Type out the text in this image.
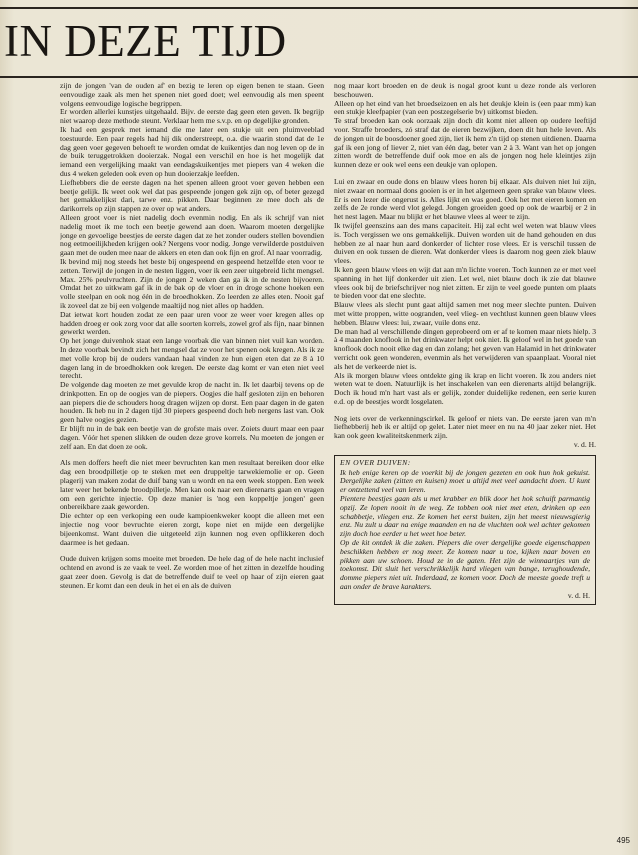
IN DEZE TIJD

zijn de jongen 'van de ouden af' en bezig te leren op eigen benen te staan. Geen eenvoudige zaak als men het spenen niet goed doet; wel eenvoudig als men speent volgens eenvoudige logische begrippen.

Er worden allerlei kunstjes uitgehaald. Bijv. de eerste dag geen eten geven. Ik begrijp niet waarop deze methode steunt. Verklaar hem me s.v.p. en op degelijke gronden.

Ik had een gesprek met iemand die me later een stukje uit een pluimveeblad toestuurde. Een paar regels had hij dik onderstreept, o.a. die waarin stond dat de 1e dag geen voer gegeven behoeft te worden omdat de kuikentjes dan nog leven op de in de buik teruggetrokken dooierzak. Nogal een verschil en hoe is het mogelijk dat iemand een vergelijking maakt van eendagskuikentjes met piepers van 4 weken die dus 4 weken geleden ook even op hun dooierzakje leefden.

Liefhebbers die de eerste dagen na het spenen alleen groot voer geven hebben een beetje gelijk. Ik weet ook wel dat pas gespeende jongen gek zijn op, of beter gezegd het gemakkelijkst dari, tarwe enz. pikken. Daar beginnen ze mee doch als de darikorrels op zijn stappen ze over op wat anders.

Alleen groot voer is niet nadelig doch evenmin nodig. En als ik schrijf van niet nadelig moet ik me toch een beetje gewend aan doen. Waarom moeten dergelijke jonge en gevoelige beestjes de eerste dagen dat ze het zonder ouders stellen bovendien nog eetmoeilijkheden krijgen ook? Nergens voor nodig. Jonge verwilderde postduiven gaan met de ouden mee naar de akkers en eten dan ook fijn en grof. Al naar voorradig.

Ik bevind mij nog steeds het beste bij ongespeend en gespeend hetzelfde eten voor te zetten. Terwijl de jongen in de nesten liggen, voer ik een zeer uitgebreid licht mengsel. Max. 25% peulvruchten. Zijn de jongen 2 weken dan ga ik in de nesten bijvoeren. Omdat het zo uitkwam gaf ik in de bak op de vloer en in droge schone hoeken een volle steelpan en ook nog één in de broedhokken. Zo leerden ze alles eten. Nooit gaf ik zoveel dat ze bij een volgende maaltijd nog niet alles op hadden.

Dat ietwat kort houden zodat ze een paar uren voor ze weer voer kregen alles op hadden droeg er ook zorg voor dat alle soorten korrels, zowel grof als fijn, naar binnen gewerkt werden.

Op het jonge duivenhok staat een lange voorbak die van binnen niet vuil kan worden. In deze voorbak bevindt zich het mengsel dat ze voor het spenen ook kregen. Als ik ze met volle krop bij de ouders vandaan haal vinden ze hun eigen eten dat ze 8 à 10 dagen lang in de broedhokken ook kregen. De eerste dag komt er van eten niet veel terecht.

De volgende dag moeten ze met gevulde krop de nacht in. Ik let daarbij tevens op de drinkpotten. En op de oogjes van de piepers. Oogjes die half gesloten zijn en behoren aan piepers die de schouders hoog dragen wijzen op dorst. Een paar dagen in de gaten houden. Ik heb nu in 2 dagen tijd 30 piepers gespeend doch heb nergens last van. Ook geen halve oogjes gezien.

Er blijft nu in de bak een beetje van de grofste mais over. Zoiets duurt maar een paar dagen. Vóór het spenen slikken de ouden deze grove korrels. Nu moeten de jongen er zelf aan. En dat doen ze ook.

Als men doffers heeft die niet meer bevruchten kan men resultaat bereiken door elke dag een broodpilletje op te steken met een druppeltje tarwekiemolie er op. Geen plagerij van maken zodat de duif bang van u wordt en na een week stoppen. Een week later weer het bekende broodpilletje. Men kan ook naar een dierenarts gaan en vragen om een gerichte injectie. Op deze manier is 'nog een koppeltje jongen' geen onbereikbare zaak geworden.

Die echter op een verkoping een oude kampioenkweker koopt die alleen met een injectie nog voor bevruchte eieren zorgt, kope niet en mijde een dergelijke bijeenkomst. Want duiven die uitgeteeld zijn kunnen nog even opflikkeren doch daarmee is het gedaan.

Oude duiven krijgen soms moeite met broeden. De hele dag of de hele nacht inclusief ochtend en avond is ze vaak te veel. Ze worden moe of het zitten in dezelfde houding gaat zeer doen. Gevolg is dat de betreffende duif te veel op haar of zijn eieren gaat steunen. Er komt dan een deuk in het ei en als de duiven

nog maar kort broeden en de deuk is nogal groot kunt u deze ronde als verloren beschouwen.

Alleen op het eind van het broedseizoen en als het deukje klein is (een paar mm) kan een stukje kleefpapier (van een postzegelserie bv) uitkomst bieden.

Te straf broeden kan ook oorzaak zijn doch dit komt niet alleen op oudere leeftijd voor. Straffe broeders, zó straf dat de eieren bezwijken, doen dit hun hele leven. Als de jongen uit de boosdoener goed zijn, liet ik hem z'n tijd op stenen uitdienen. Daarna gaf ik een jong of liever 2, niet van één dag, beter van 2 à 3. Want van het op jongen zitten wordt de betreffende duif ook moe en als de jongen nog hele kleintjes zijn kunnen deze er ook wel eens een deukje van oplopen.

Lui en zwaar en oude dons en blauw vlees horen bij elkaar. Als duiven niet lui zijn, niet zwaar en normaal dons gooien is er in het algemeen geen sprake van blauw vlees. Er is een lezer die ongerust is. Alles lijkt en was goed. Ook het met eieren komen en zelfs de 2e ronde werd vlot gelegd. Jongen groeiden goed op ook de waarbij er 2 in het nest lagen. Maar nu blijkt er het blauwe vlees al weer te zijn.

Ik twijfel geenszins aan des mans capaciteit. Hij zal echt wel weten wat blauw vlees is. Toch vergissen we ons gemakkelijk. Duiven worden uit de hand gehouden en dus hebben ze al naar hun aard donkerder of lichter rose vlees. Er is verschil tussen de duiven en ook tussen de dieren. Wat donkerder vlees is daarom nog geen ziek blauw vlees.

Ik ken geen blauw vlees en wijt dat aan m'n lichte voeren. Toch kunnen ze er met veel spanning in het lijf donkerder uit zien. Let wel, niet blauw doch ik zie dat blauwe vlees ook bij de briefschrijver nog niet zitten. Er zijn te veel goede punten om plaats te bieden voor dat ene slechte.

Blauw vlees als slecht punt gaat altijd samen met nog meer slechte punten. Duiven met witte proppen, witte oogranden, veel vlieg- en vechtlust kunnen geen blauw vlees hebben. Blauw vlees: lui, zwaar, vuile dons enz.

De man had al verschillende dingen geprobeerd om er af te komen maar niets hielp. 3 à 4 maanden knoflook in het drinkwater helpt ook niet. Ik geloof wel in het goede van knoflook doch nooit elke dag en dan zolang; het geven van Halamid in het drinkwater verricht ook geen wonderen, evenmin als het verwijderen van spaanplaat. Vooral niet als het de verkeerde niet is.

Als ik morgen blauw vlees ontdekte ging ik krap en licht voeren. Ik zou anders niet weten wat te doen. Natuurlijk is het inschakelen van een dierenarts altijd belangrijk. Doch ik houd m'n hart vast als er gelijk, zonder duidelijke redenen, een serie kuren e.d. op de beestjes wordt losgelaten.

Nog iets over de verkenningscirkel. Ik geloof er niets van. De eerste jaren van m'n liefhebberij heb ik er altijd op gelet. Later niet meer en nu na 40 jaar zeker niet. Het kan ook geen kwaliteitskenmerk zijn.

v. d. H.

EN OVER DUIVEN:

Ik heb enige keren op de voerkit bij de jongen gezeten en ook hun hok gekuist. Dergelijke zaken (zitten en kuisen) moet u altijd met veel aandacht doen. U kunt er ontzettend veel van leren.

Pientere beestjes gaan als u met krabber en blik door het hok schuift parmantig opzij. Ze lopen nooit in de weg. Ze tobben ook niet met eten, drinken op een schabbetje, vliegen enz. Ze komen het eerst buiten, zijn het meest nieuwsgierig enz. Nu zult u daar na enige maanden en na de vluchten ook wel achter gekomen zijn doch hoe eerder u het weet hoe beter.

Op de kit ontdek ik die zaken. Piepers die over dergelijke goede eigenschappen beschikken hebben er nog meer. Ze komen naar u toe, kijken naar boven en pikken aan uw schoen. Houd ze in de gaten. Het zijn de winnaartjes van de toekomst. Dit sluit het verschrikkelijk hard vliegen van bange, terughoudende, domme piepers niet uit. Inderdaad, ze komen voor. Doch de meeste goede treft u aan onder de brave karakters.

v. d. H.

495
